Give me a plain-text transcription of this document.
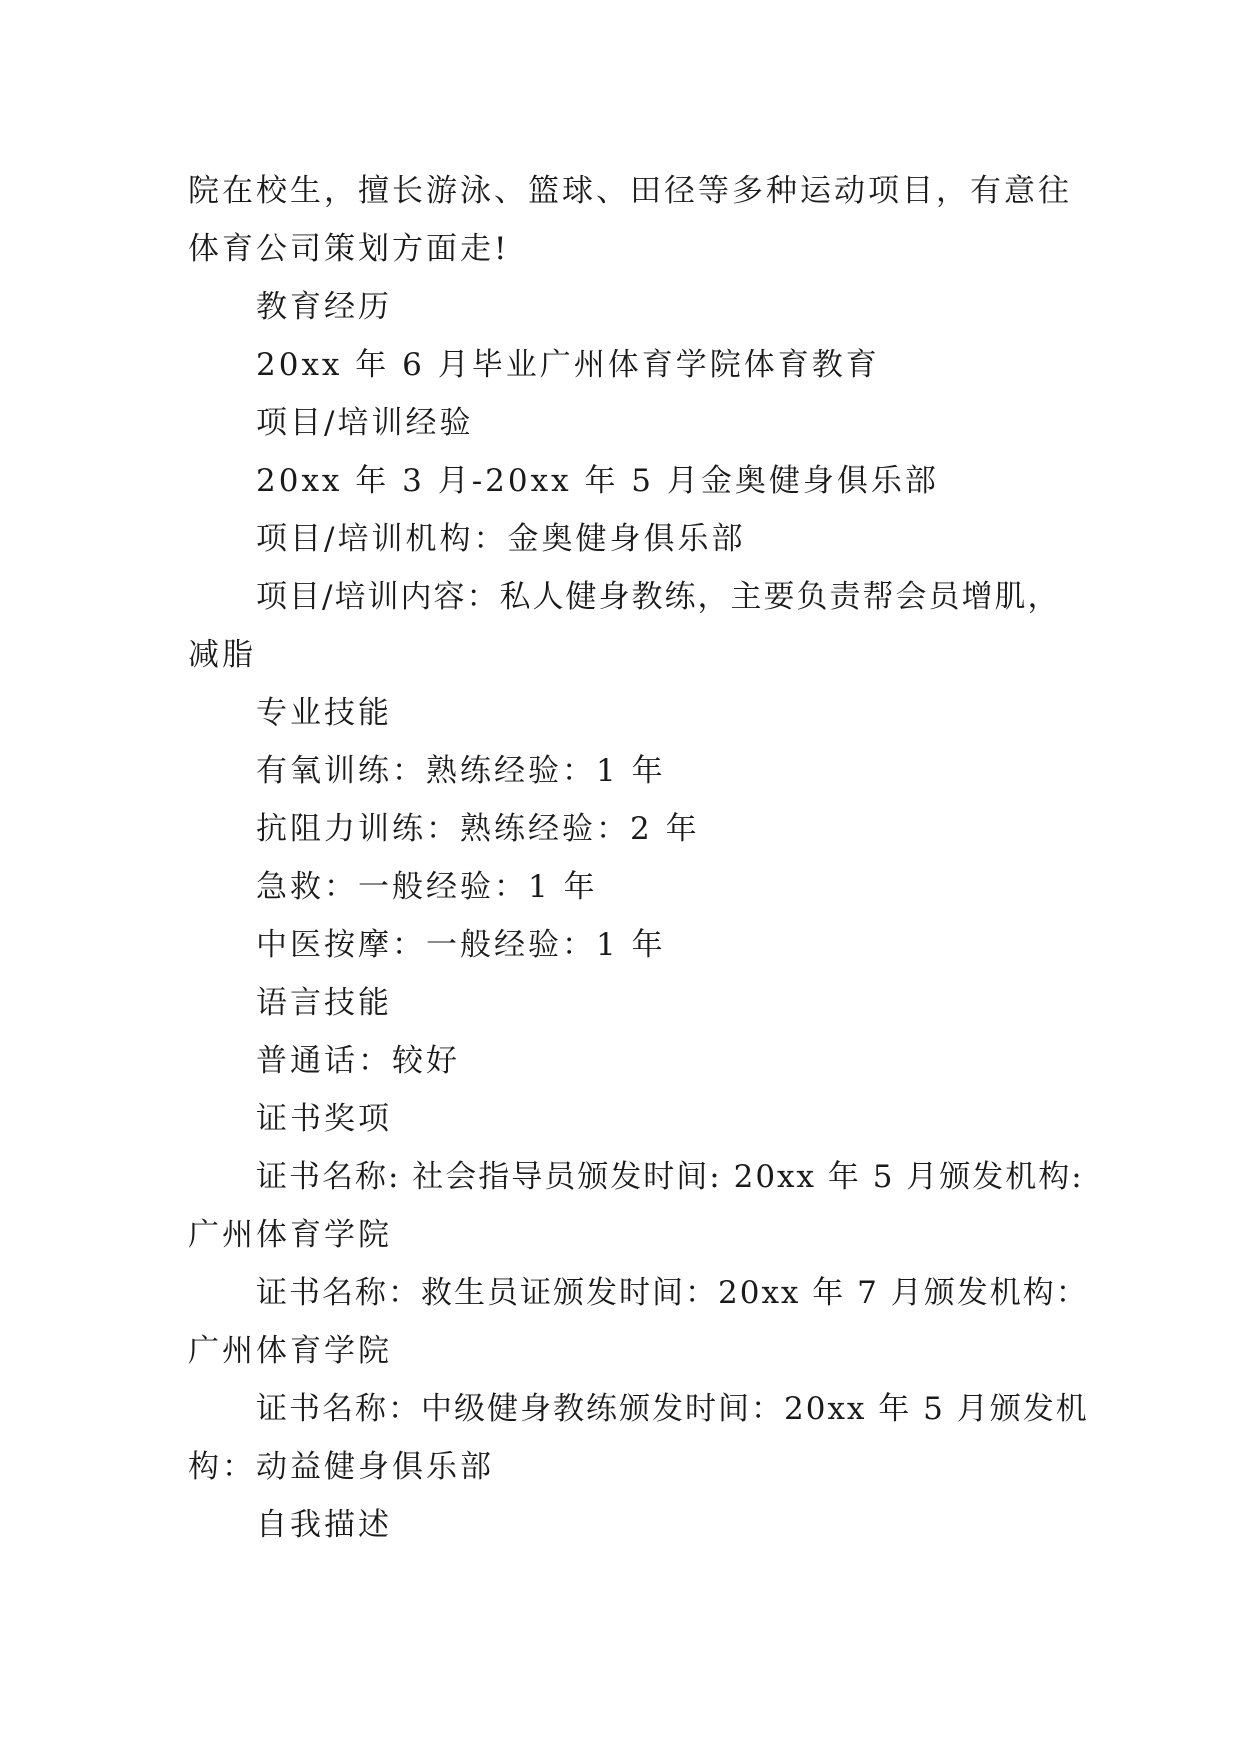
院在校生，擅长游泳、篮球、田径等多种运动项目，有意往
体育公司策划方面走!
教育经历
20xx 年 6 月毕业广州体育学院体育教育
项目/培训经验
20xx 年 3 月-20xx 年 5 月金奥健身俱乐部
项目/培训机构：金奥健身俱乐部
项目/培训内容：私人健身教练，主要负责帮会员增肌，
减脂
专业技能
有氧训练：熟练经验：1 年
抗阻力训练：熟练经验：2 年
急救：一般经验：1 年
中医按摩：一般经验：1 年
语言技能
普通话：较好
证书奖项
证书名称: 社会指导员颁发时间: 20xx 年 5 月颁发机构:
广州体育学院
证书名称：救生员证颁发时间：20xx 年 7 月颁发机构：
广州体育学院
证书名称：中级健身教练颁发时间：20xx 年 5 月颁发机
构：动益健身俱乐部
自我描述
